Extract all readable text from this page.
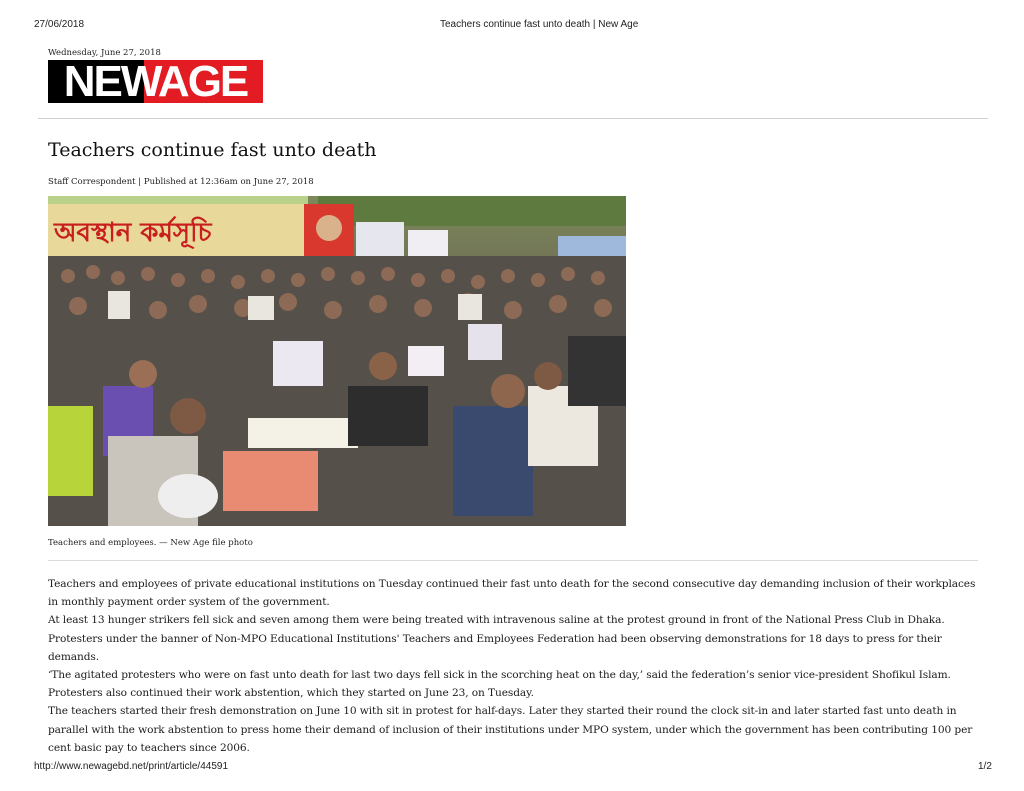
27/06/2018	Teachers continue fast unto death | New Age
Wednesday, June 27, 2018
NEWAGE
Teachers continue fast unto death
Staff Correspondent | Published at 12:36am on June 27, 2018
অবস্থান কর্মসূচি
Teachers and employees. — New Age file photo

Teachers and employees of private educational institutions on Tuesday continued their fast unto death for the second consecutive day demanding inclusion of their workplaces in monthly payment order system of the government.

At least 13 hunger strikers fell sick and seven among them were being treated with intravenous saline at the protest ground in front of the National Press Club in Dhaka.

Protesters under the banner of Non-MPO Educational Institutions' Teachers and Employees Federation had been observing demonstrations for 18 days to press for their demands.

‘The agitated protesters who were on fast unto death for last two days fell sick in the scorching heat on the day,’ said the federation’s senior vice-president Shofikul Islam.

Protesters also continued their work abstention, which they started on June 23, on Tuesday.

The teachers started their fresh demonstration on June 10 with sit in protest for half-days. Later they started their round the clock sit-in and later started fast unto death in parallel with the work abstention to press home their demand of inclusion of their institutions under MPO system, under which the government has been contributing 100 per cent basic pay to teachers since 2006.

http://www.newagebd.net/print/article/44591	1/2
